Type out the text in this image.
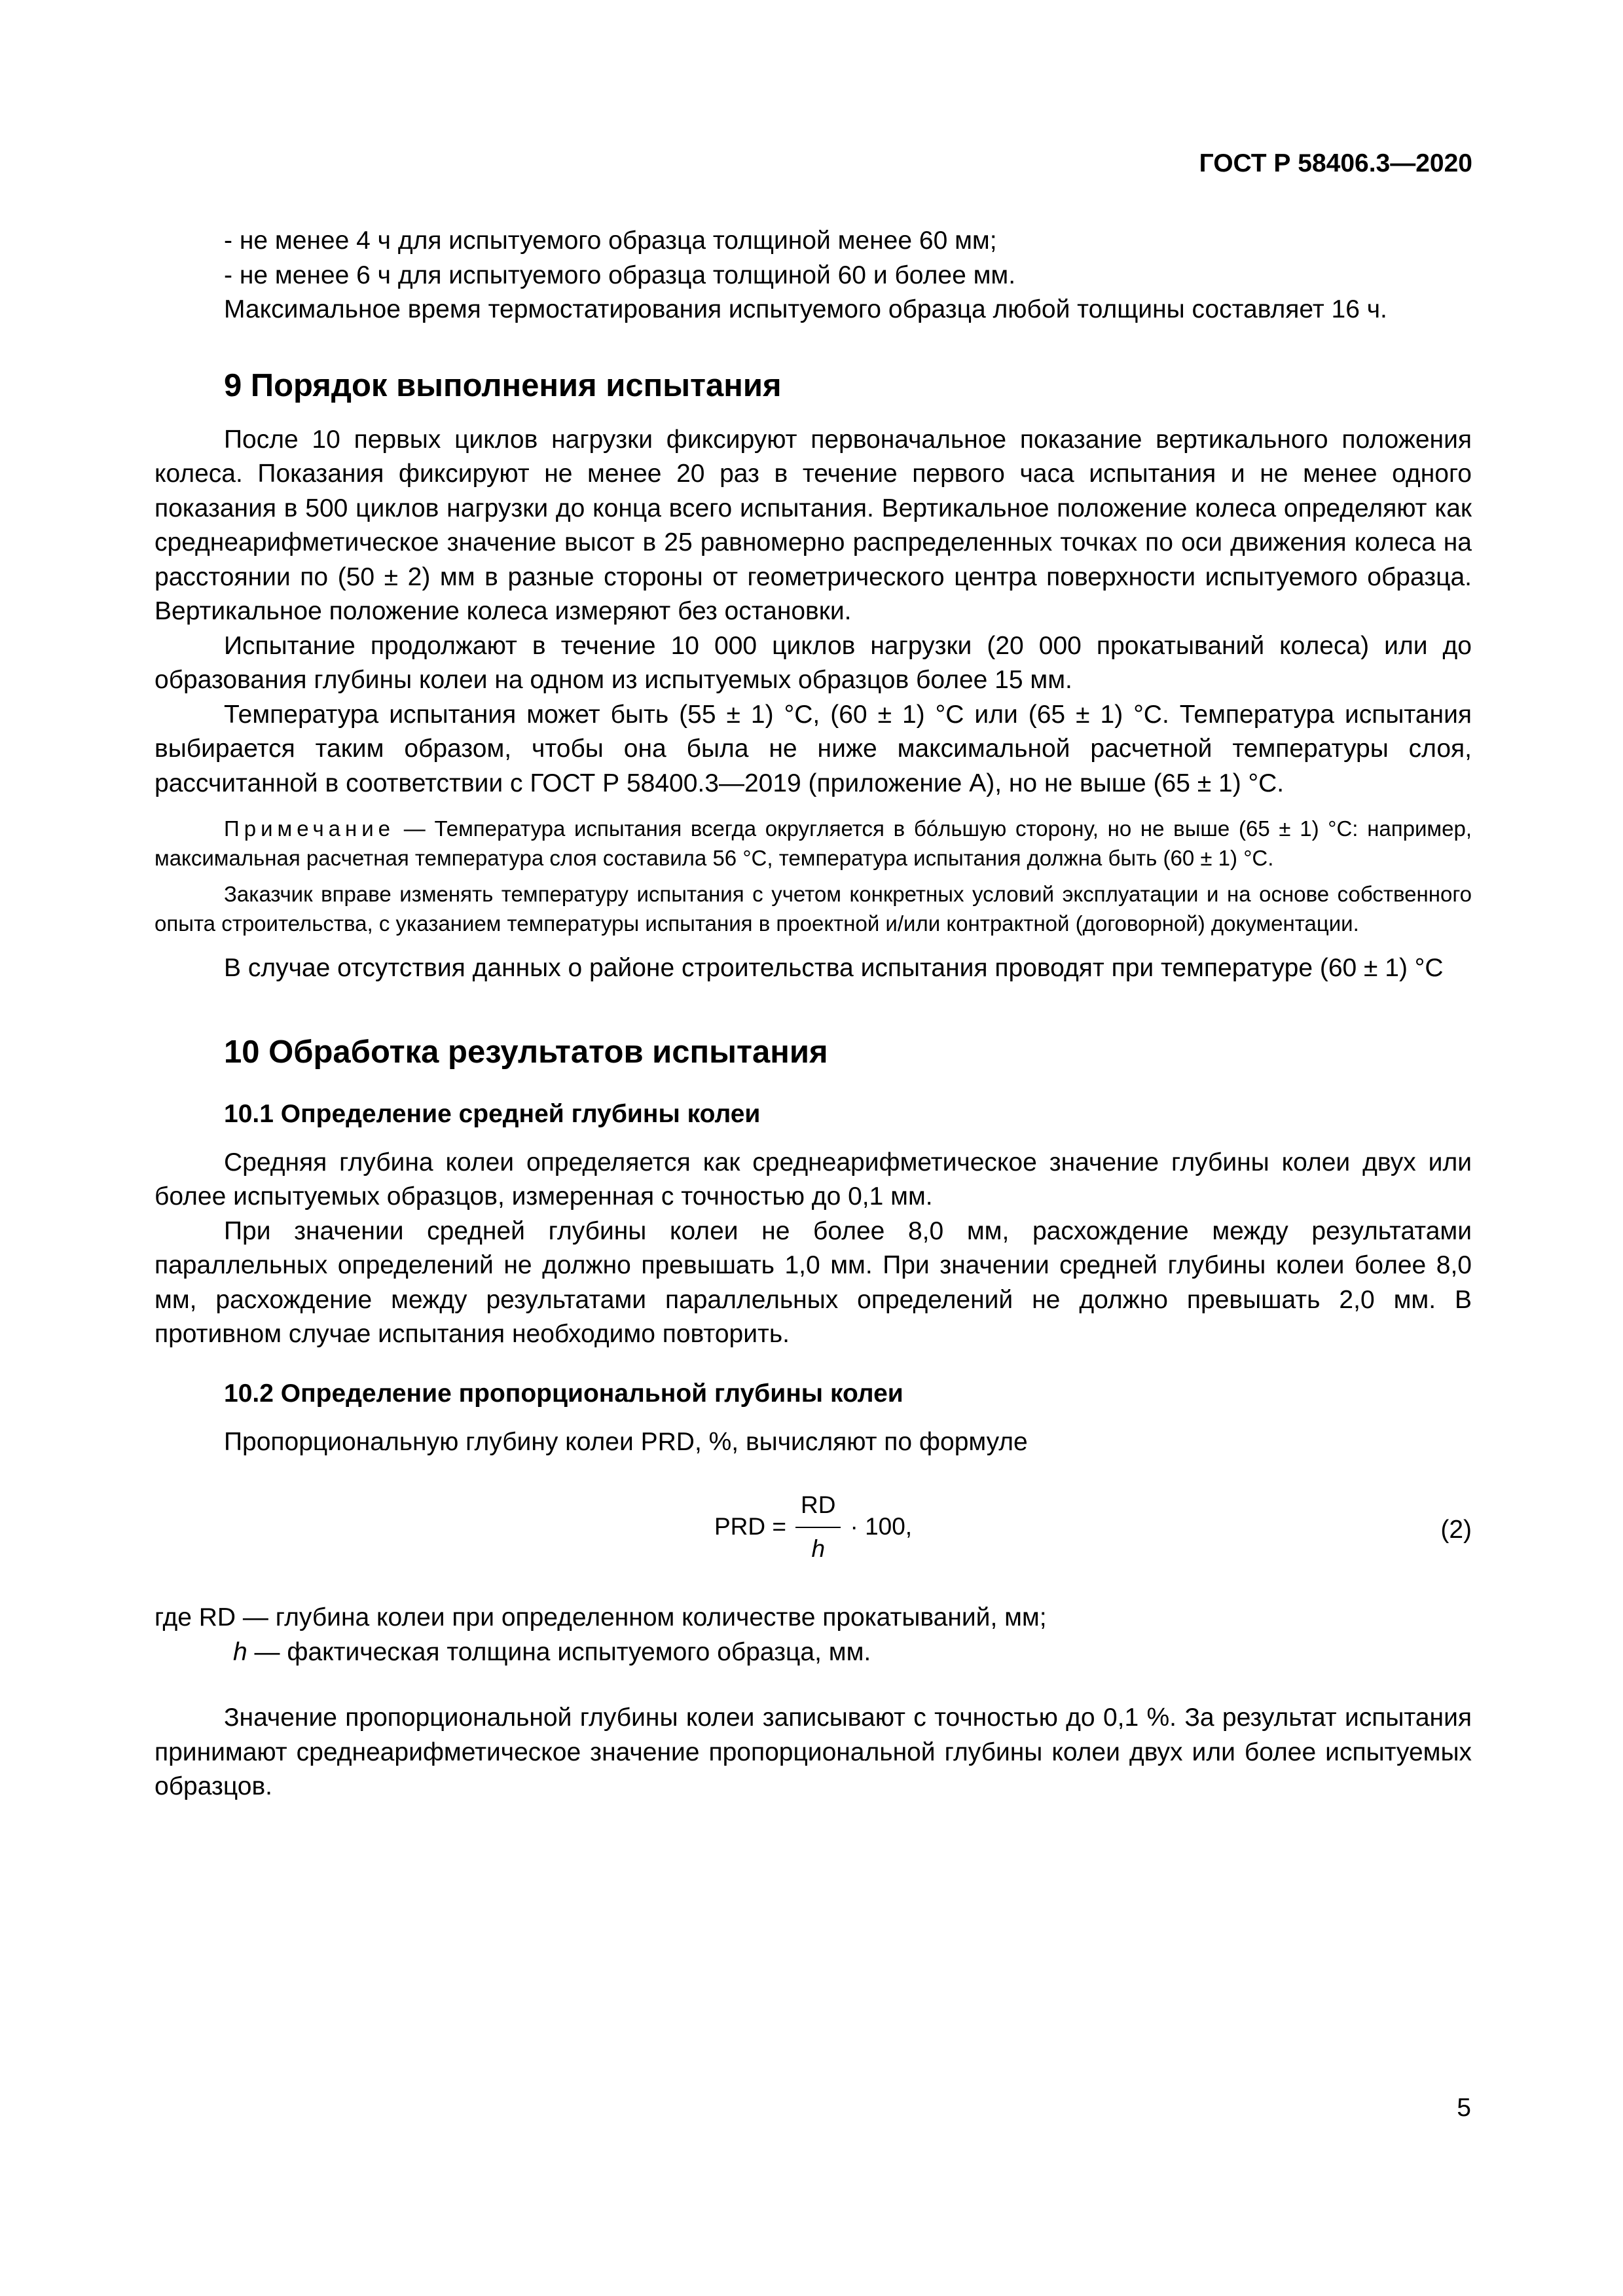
ГОСТ Р 58406.3—2020

- не менее 4 ч для испытуемого образца толщиной менее 60 мм;

- не менее 6 ч для испытуемого образца толщиной 60 и более мм.

Максимальное время термостатирования испытуемого образца любой толщины составляет 16 ч.

9 Порядок выполнения испытания

После 10 первых циклов нагрузки фиксируют первоначальное показание вертикального положения колеса. Показания фиксируют не менее 20 раз в течение первого часа испытания и не менее одного показания в 500 циклов нагрузки до конца всего испытания. Вертикальное положение колеса определяют как среднеарифметическое значение высот в 25 равномерно распределенных точках по оси движения колеса на расстоянии по (50 ± 2) мм в разные стороны от геометрического центра поверхности испытуемого образца. Вертикальное положение колеса измеряют без остановки.

Испытание продолжают в течение 10 000 циклов нагрузки (20 000 прокатываний колеса) или до образования глубины колеи на одном из испытуемых образцов более 15 мм.

Температура испытания может быть (55 ± 1) °С, (60 ± 1) °С или (65 ± 1) °С. Температура испытания выбирается таким образом, чтобы она была не ниже максимальной расчетной температуры слоя, рассчитанной в соответствии с ГОСТ Р 58400.3—2019 (приложение А), но не выше (65 ± 1) °С.

Примечание — Температура испытания всегда округляется в бóльшую сторону, но не выше (65 ± 1) °С: например, максимальная расчетная температура слоя составила 56 °С, температура испытания должна быть (60 ± 1) °С.

Заказчик вправе изменять температуру испытания с учетом конкретных условий эксплуатации и на основе собственного опыта строительства, с указанием температуры испытания в проектной и/или контрактной (договорной) документации.

В случае отсутствия данных о районе строительства испытания проводят при температуре (60 ± 1) °С

10 Обработка результатов испытания
10.1 Определение средней глубины колеи

Средняя глубина колеи определяется как среднеарифметическое значение глубины колеи двух или более испытуемых образцов, измеренная с точностью до 0,1 мм.

При значении средней глубины колеи не более 8,0 мм, расхождение между результатами параллельных определений не должно превышать 1,0 мм. При значении средней глубины колеи более 8,0 мм, расхождение между результатами параллельных определений не должно превышать 2,0 мм. В противном случае испытания необходимо повторить.

10.2 Определение пропорциональной глубины колеи

Пропорциональную глубину колеи PRD, %, вычисляют по формуле

PRD = $\frac{RD}{h} \cdot 100$,	(2)

где RD — глубина колеи при определенном количестве прокатываний, мм;

h — фактическая толщина испытуемого образца, мм.

Значение пропорциональной глубины колеи записывают с точностью до 0,1 %. За результат испытания принимают среднеарифметическое значение пропорциональной глубины колеи двух или более испытуемых образцов.

5
